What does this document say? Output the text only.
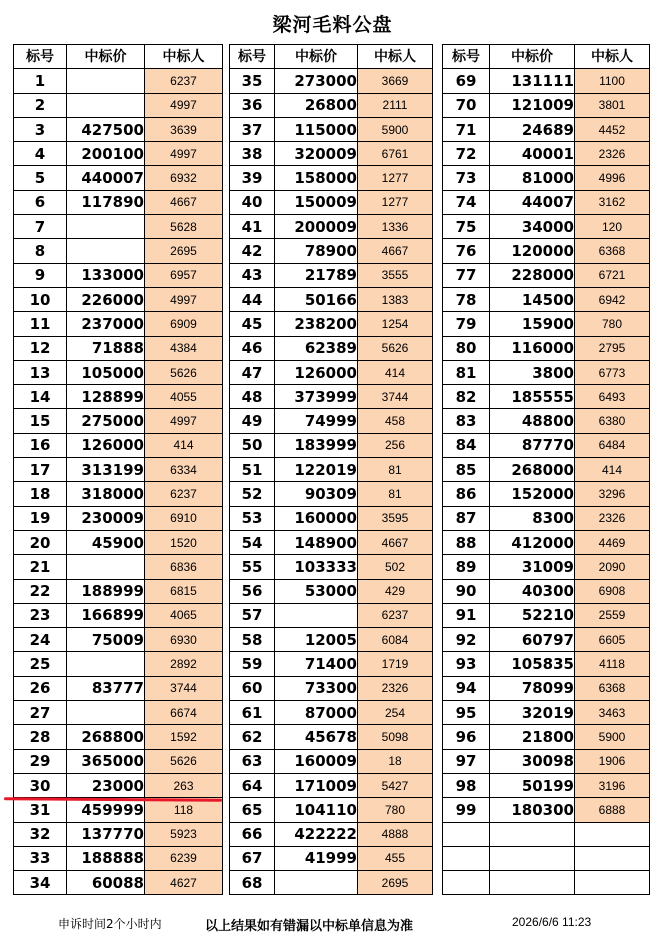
梁河毛料公盘
标号	中标价	中标人
1		6237
2		4997
3	427500	3639
4	200100	4997
5	440007	6932
6	117890	4667
7		5628
8		2695
9	133000	6957
10	226000	4997
11	237000	6909
12	71888	4384
13	105000	5626
14	128899	4055
15	275000	4997
16	126000	414
17	313199	6334
18	318000	6237
19	230009	6910
20	45900	1520
21		6836
22	188999	6815
23	166899	4065
24	75009	6930
25		2892
26	83777	3744
27		6674
28	268800	1592
29	365000	5626
30	23000	263
31	459999	118
32	137770	5923
33	188888	6239
34	60088	4627
标号	中标价	中标人
35	273000	3669
36	26800	2111
37	115000	5900
38	320009	6761
39	158000	1277
40	150009	1277
41	200009	1336
42	78900	4667
43	21789	3555
44	50166	1383
45	238200	1254
46	62389	5626
47	126000	414
48	373999	3744
49	74999	458
50	183999	256
51	122019	81
52	90309	81
53	160000	3595
54	148900	4667
55	103333	502
56	53000	429
57		6237
58	12005	6084
59	71400	1719
60	73300	2326
61	87000	254
62	45678	5098
63	160009	18
64	171009	5427
65	104110	780
66	422222	4888
67	41999	455
68		2695
标号	中标价	中标人
69	131111	1100
70	121009	3801
71	24689	4452
72	40001	2326
73	81000	4996
74	44007	3162
75	34000	120
76	120000	6368
77	228000	6721
78	14500	6942
79	15900	780
80	116000	2795
81	3800	6773
82	185555	6493
83	48800	6380
84	87770	6484
85	268000	414
86	152000	3296
87	8300	2326
88	412000	4469
89	31009	2090
90	40300	6908
91	52210	2559
92	60797	6605
93	105835	4118
94	78099	6368
95	32019	3463
96	21800	5900
97	30098	1906
98	50199	3196
99	180300	6888

申诉时间2个小时内	以上结果如有错漏以中标单信息为准	2026/6/6 11:23
